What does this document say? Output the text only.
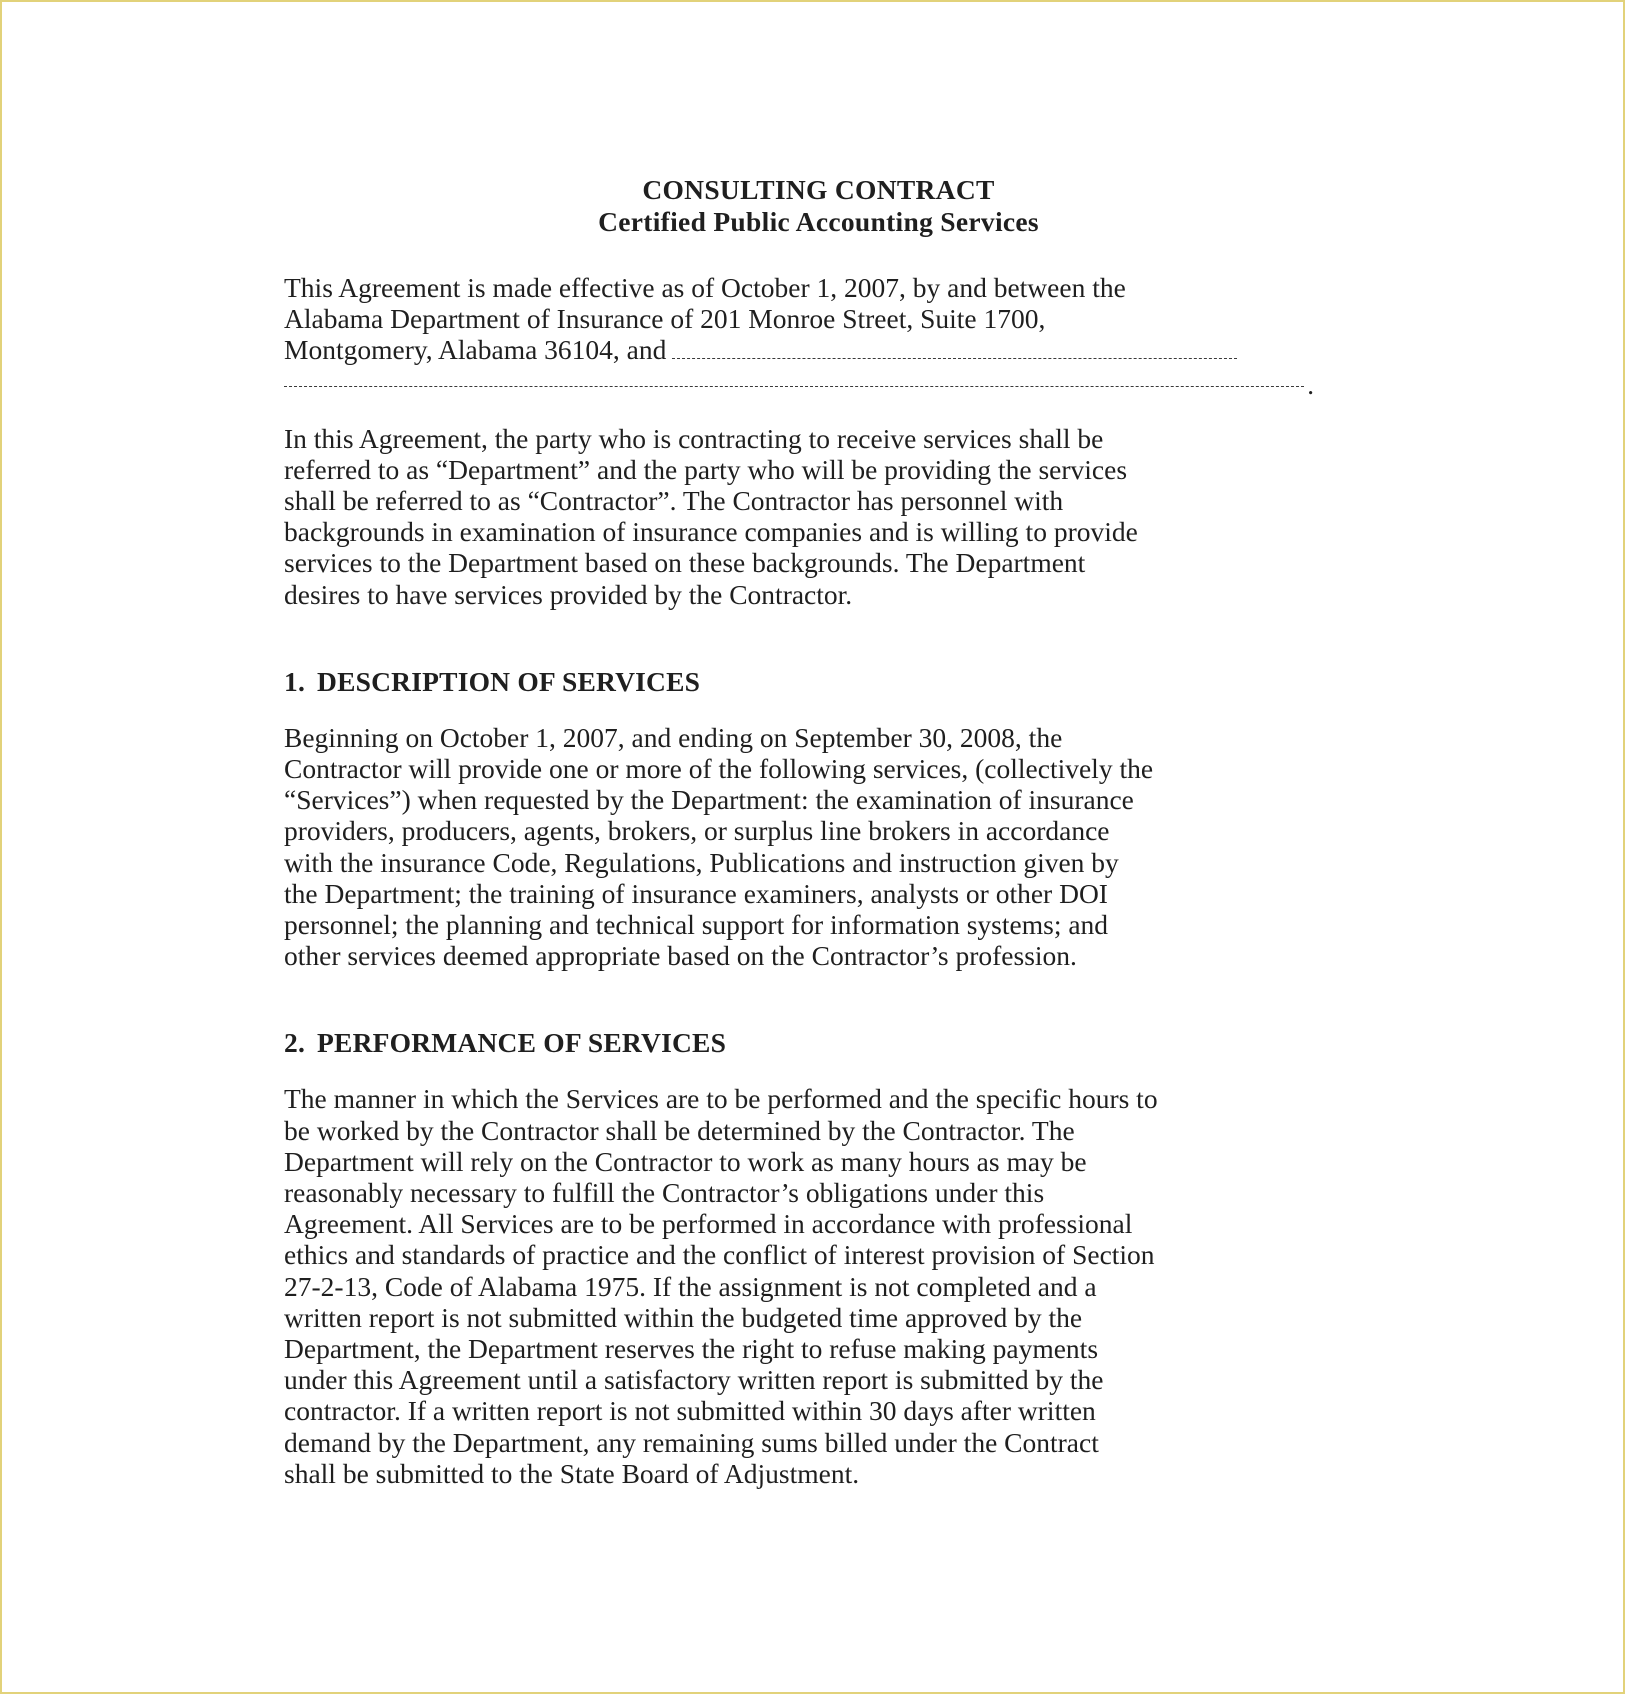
CONSULTING CONTRACT
Certified Public Accounting Services
This Agreement is made effective as of October 1, 2007, by and between the
Alabama Department of Insurance of 201 Monroe Street, Suite 1700,
Montgomery, Alabama 36104, and
.
In this Agreement, the party who is contracting to receive services shall be
referred to as “Department” and the party who will be providing the services
shall be referred to as “Contractor”. The Contractor has personnel with
backgrounds in examination of insurance companies and is willing to provide
services to the Department based on these backgrounds. The Department
desires to have services provided by the Contractor.
1. DESCRIPTION OF SERVICES
Beginning on October 1, 2007, and ending on September 30, 2008, the
Contractor will provide one or more of the following services, (collectively the
“Services”) when requested by the Department: the examination of insurance
providers, producers, agents, brokers, or surplus line brokers in accordance
with the insurance Code, Regulations, Publications and instruction given by
the Department; the training of insurance examiners, analysts or other DOI
personnel; the planning and technical support for information systems; and
other services deemed appropriate based on the Contractor’s profession.
2. PERFORMANCE OF SERVICES
The manner in which the Services are to be performed and the specific hours to
be worked by the Contractor shall be determined by the Contractor. The
Department will rely on the Contractor to work as many hours as may be
reasonably necessary to fulfill the Contractor’s obligations under this
Agreement. All Services are to be performed in accordance with professional
ethics and standards of practice and the conflict of interest provision of Section
27-2-13, Code of Alabama 1975. If the assignment is not completed and a
written report is not submitted within the budgeted time approved by the
Department, the Department reserves the right to refuse making payments
under this Agreement until a satisfactory written report is submitted by the
contractor. If a written report is not submitted within 30 days after written
demand by the Department, any remaining sums billed under the Contract
shall be submitted to the State Board of Adjustment.
